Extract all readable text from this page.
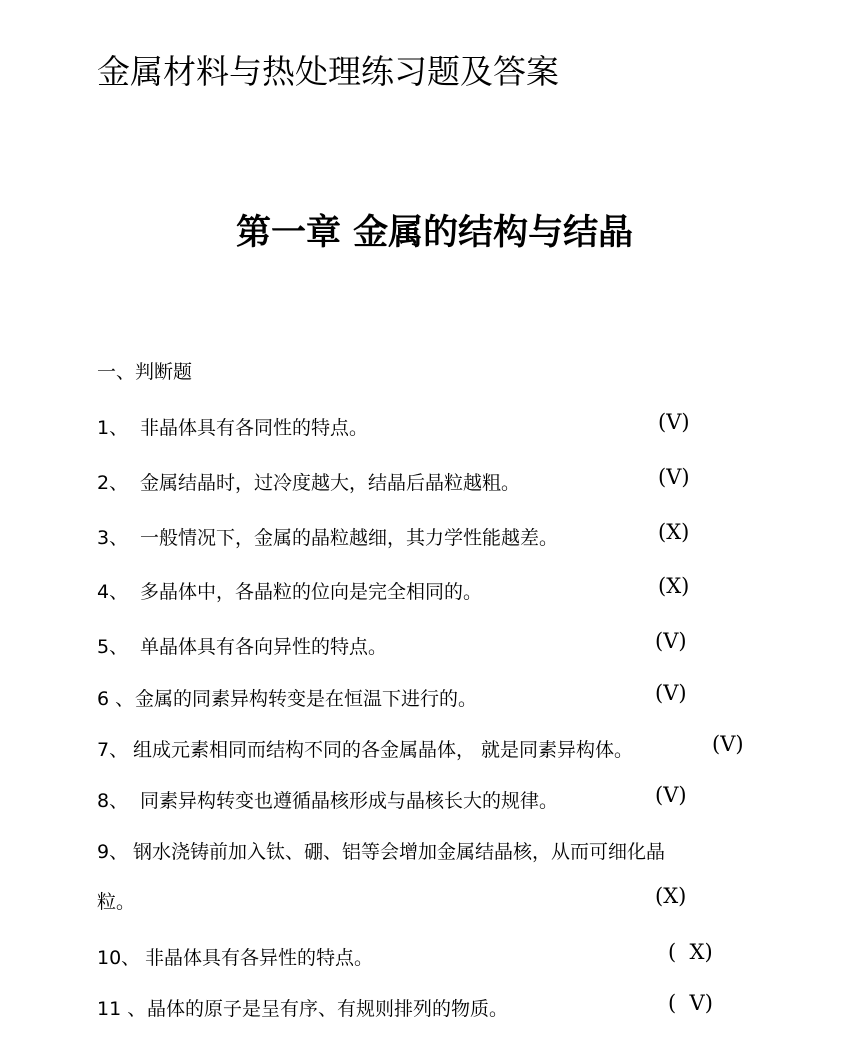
金属材料与热处理练习题及答案
第一章 金属的结构与结晶
一、判断题
1、 非晶体具有各同性的特点。	(V)
2、 金属结晶时，过冷度越大，结晶后晶粒越粗。	(V)
3、 一般情况下，金属的晶粒越细，其力学性能越差。	(X)
4、 多晶体中，各晶粒的位向是完全相同的。	(X)
5、 单晶体具有各向异性的特点。	(V)
6 、 金属的同素异构转变是在恒温下进行的。	(V)
7、 组成元素相同而结构不同的各金属晶体， 就是同素异构体。	(V)
8、 同素异构转变也遵循晶核形成与晶核长大的规律。	(V)
9、 钢水浇铸前加入钛、硼、铝等会增加金属结晶核，从而可细化晶
粒。	(X)
10、 非晶体具有各异性的特点。	(  X)
11 、 晶体的原子是呈有序、有规则排列的物质。	(  V)
